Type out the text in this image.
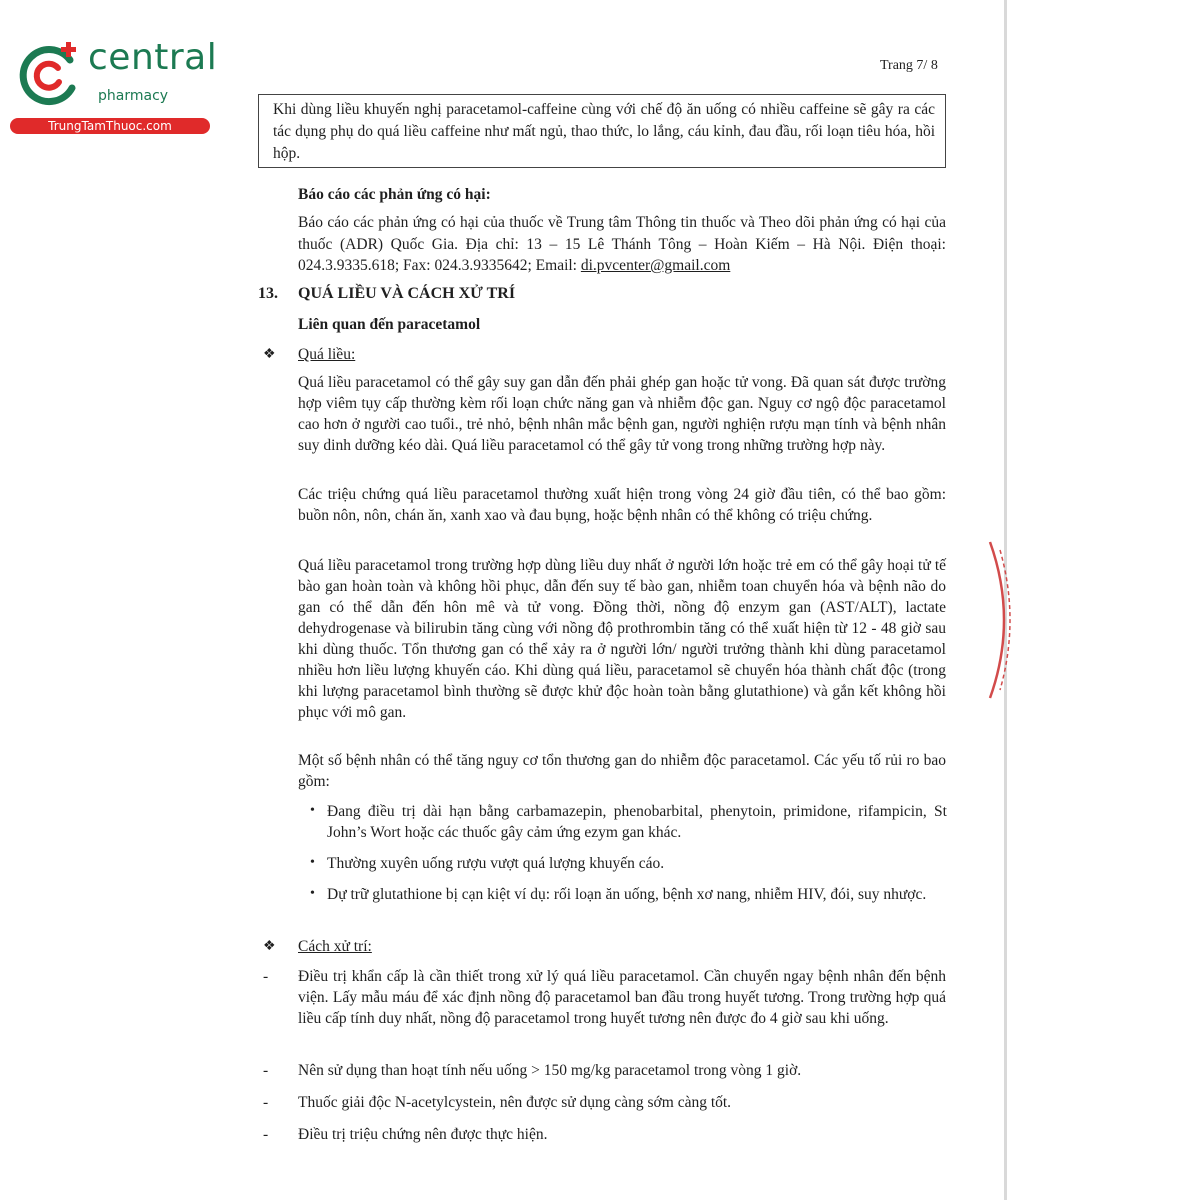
central
pharmacy
TrungTamThuoc.com
Trang 7/ 8
Khi dùng liều khuyến nghị paracetamol-caffeine cùng với chế độ ăn uống có nhiều caffeine sẽ gây ra các tác dụng phụ do quá liều caffeine như mất ngủ, thao thức, lo lắng, cáu kỉnh, đau đầu, rối loạn tiêu hóa, hồi hộp.
Báo cáo các phản ứng có hại:
Báo cáo các phản ứng có hại của thuốc về Trung tâm Thông tin thuốc và Theo dõi phản ứng có hại của thuốc (ADR) Quốc Gia. Địa chỉ: 13 – 15 Lê Thánh Tông – Hoàn Kiếm – Hà Nội. Điện thoại: 024.3.9335.618; Fax: 024.3.9335642; Email: di.pvcenter@gmail.com
13.	QUÁ LIỀU VÀ CÁCH XỬ TRÍ
Liên quan đến paracetamol
❖ Quá liều:
Quá liều paracetamol có thể gây suy gan dẫn đến phải ghép gan hoặc tử vong. Đã quan sát được trường hợp viêm tụy cấp thường kèm rối loạn chức năng gan và nhiễm độc gan. Nguy cơ ngộ độc paracetamol cao hơn ở người cao tuổi., trẻ nhỏ, bệnh nhân mắc bệnh gan, người nghiện rượu mạn tính và bệnh nhân suy dinh dưỡng kéo dài. Quá liều paracetamol có thể gây tử vong trong những trường hợp này.
Các triệu chứng quá liều paracetamol thường xuất hiện trong vòng 24 giờ đầu tiên, có thể bao gồm: buồn nôn, nôn, chán ăn, xanh xao và đau bụng, hoặc bệnh nhân có thể không có triệu chứng.
Quá liều paracetamol trong trường hợp dùng liều duy nhất ở người lớn hoặc trẻ em có thể gây hoại tử tế bào gan hoàn toàn và không hồi phục, dẫn đến suy tế bào gan, nhiễm toan chuyển hóa và bệnh não do gan có thể dẫn đến hôn mê và tử vong. Đồng thời, nồng độ enzym gan (AST/ALT), lactate dehydrogenase và bilirubin tăng cùng với nồng độ prothrombin tăng có thể xuất hiện từ 12 - 48 giờ sau khi dùng thuốc. Tổn thương gan có thể xảy ra ở người lớn/ người trưởng thành khi dùng paracetamol nhiều hơn liều lượng khuyến cáo. Khi dùng quá liều, paracetamol sẽ chuyển hóa thành chất độc (trong khi lượng paracetamol bình thường sẽ được khử độc hoàn toàn bằng glutathione) và gắn kết không hồi phục với mô gan.
Một số bệnh nhân có thể tăng nguy cơ tổn thương gan do nhiễm độc paracetamol. Các yếu tố rủi ro bao gồm:
• Đang điều trị dài hạn bằng carbamazepin, phenobarbital, phenytoin, primidone, rifampicin, St John’s Wort hoặc các thuốc gây cảm ứng ezym gan khác.
• Thường xuyên uống rượu vượt quá lượng khuyến cáo.
• Dự trữ glutathione bị cạn kiệt ví dụ: rối loạn ăn uống, bệnh xơ nang, nhiễm HIV, đói, suy nhược.
❖ Cách xử trí:
-	Điều trị khẩn cấp là cần thiết trong xử lý quá liều paracetamol. Cần chuyển ngay bệnh nhân đến bệnh viện. Lấy mẫu máu để xác định nồng độ paracetamol ban đầu trong huyết tương. Trong trường hợp quá liều cấp tính duy nhất, nồng độ paracetamol trong huyết tương nên được đo 4 giờ sau khi uống.
-	Nên sử dụng than hoạt tính nếu uống > 150 mg/kg paracetamol trong vòng 1 giờ.
-	Thuốc giải độc N-acetylcystein, nên được sử dụng càng sớm càng tốt.
-	Điều trị triệu chứng nên được thực hiện.
